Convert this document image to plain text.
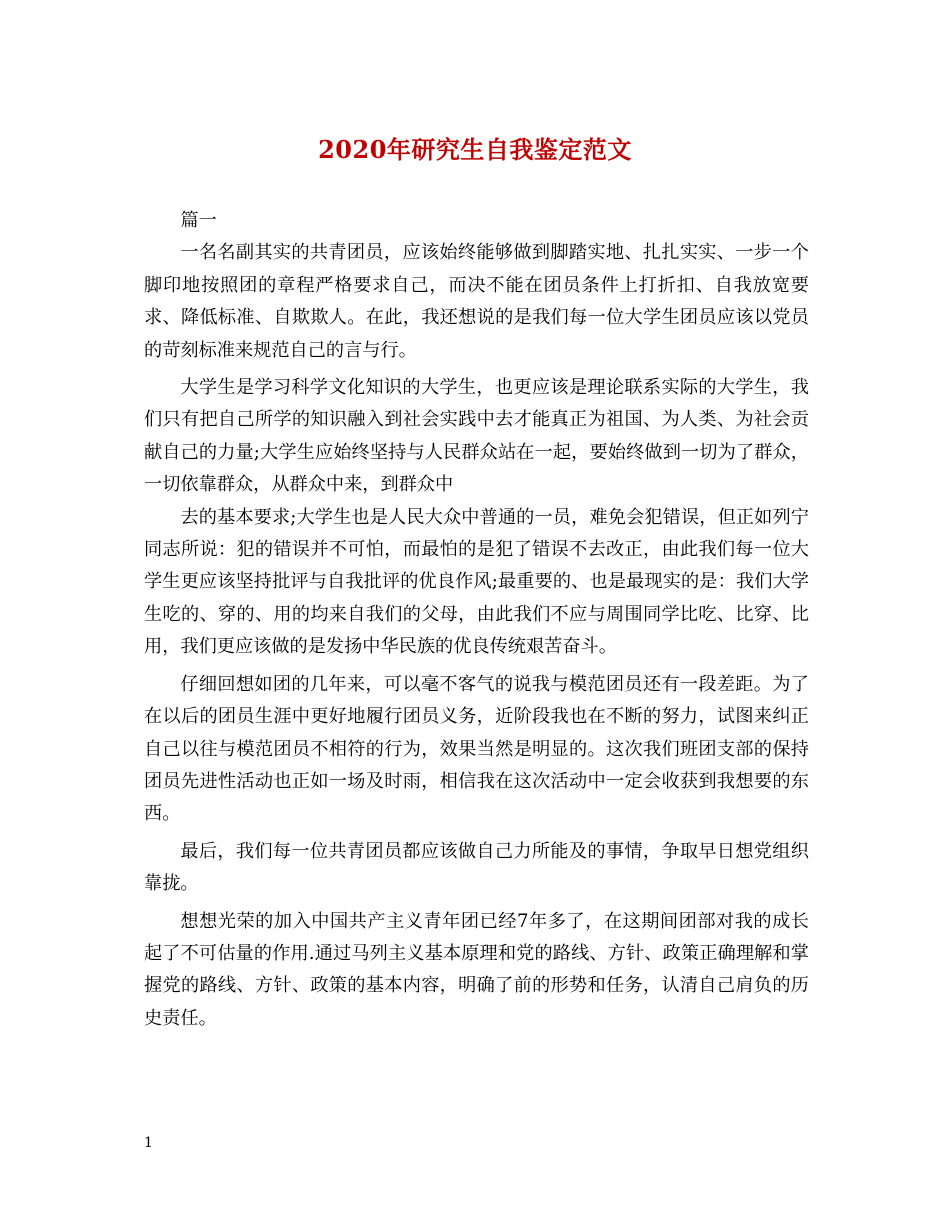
2020年研究生自我鉴定范文

篇一

一名名副其实的共青团员，应该始终能够做到脚踏实地、扎扎实实、一步一个脚印地按照团的章程严格要求自己，而决不能在团员条件上打折扣、自我放宽要求、降低标准、自欺欺人。在此，我还想说的是我们每一位大学生团员应该以党员的苛刻标准来规范自己的言与行。

大学生是学习科学文化知识的大学生，也更应该是理论联系实际的大学生，我们只有把自己所学的知识融入到社会实践中去才能真正为祖国、为人类、为社会贡献自己的力量;大学生应始终坚持与人民群众站在一起，要始终做到一切为了群众，一切依靠群众，从群众中来，到群众中

去的基本要求;大学生也是人民大众中普通的一员，难免会犯错误，但正如列宁同志所说：犯的错误并不可怕，而最怕的是犯了错误不去改正，由此我们每一位大学生更应该坚持批评与自我批评的优良作风;最重要的、也是最现实的是：我们大学生吃的、穿的、用的均来自我们的父母，由此我们不应与周围同学比吃、比穿、比用，我们更应该做的是发扬中华民族的优良传统艰苦奋斗。

仔细回想如团的几年来，可以毫不客气的说我与模范团员还有一段差距。为了在以后的团员生涯中更好地履行团员义务，近阶段我也在不断的努力，试图来纠正自己以往与模范团员不相符的行为，效果当然是明显的。这次我们班团支部的保持团员先进性活动也正如一场及时雨，相信我在这次活动中一定会收获到我想要的东西。

最后，我们每一位共青团员都应该做自己力所能及的事情，争取早日想党组织靠拢。

想想光荣的加入中国共产主义青年团已经7年多了，在这期间团部对我的成长起了不可估量的作用.通过马列主义基本原理和党的路线、方针、政策正确理解和掌握党的路线、方针、政策的基本内容，明确了前的形势和任务，认清自己肩负的历史责任。

1
